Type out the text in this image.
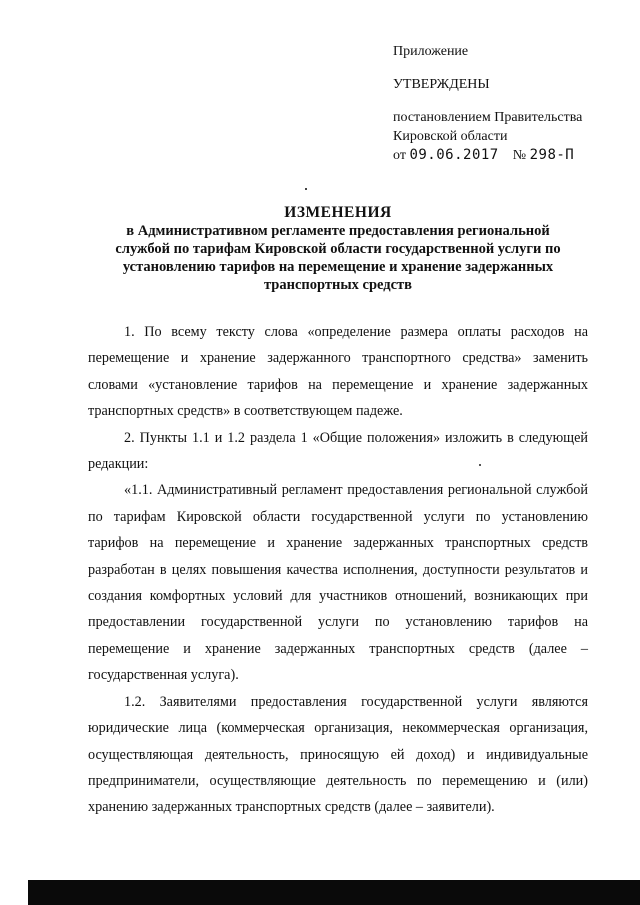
Приложение
УТВЕРЖДЕНЫ
постановлением Правительства
Кировской области
от 09.06.2017 № 298-П
ИЗМЕНЕНИЯ
в Административном регламенте предоставления региональной
службой по тарифам Кировской области государственной услуги по
установлению тарифов на перемещение и хранение задержанных
транспортных средств

1. По всему тексту слова «определение размера оплаты расходов на перемещение и хранение задержанного транспортного средства» заменить словами «установление тарифов на перемещение и хранение задержанных транспортных средств» в соответствующем падеже.

2. Пункты 1.1 и 1.2 раздела 1 «Общие положения» изложить в следующей редакции:

«1.1. Административный регламент предоставления региональной службой по тарифам Кировской области государственной услуги по установлению тарифов на перемещение и хранение задержанных транспортных средств разработан в целях повышения качества исполнения, доступности результатов и создания комфортных условий для участников отношений, возникающих при предоставлении государственной услуги по установлению тарифов на перемещение и хранение задержанных транспортных средств (далее – государственная услуга).

1.2. Заявителями предоставления государственной услуги являются юридические лица (коммерческая организация, некоммерческая организация, осуществляющая деятельность, приносящую ей доход) и индивидуальные предприниматели, осуществляющие деятельность по перемещению и (или) хранению задержанных транспортных средств (далее – заявители).
